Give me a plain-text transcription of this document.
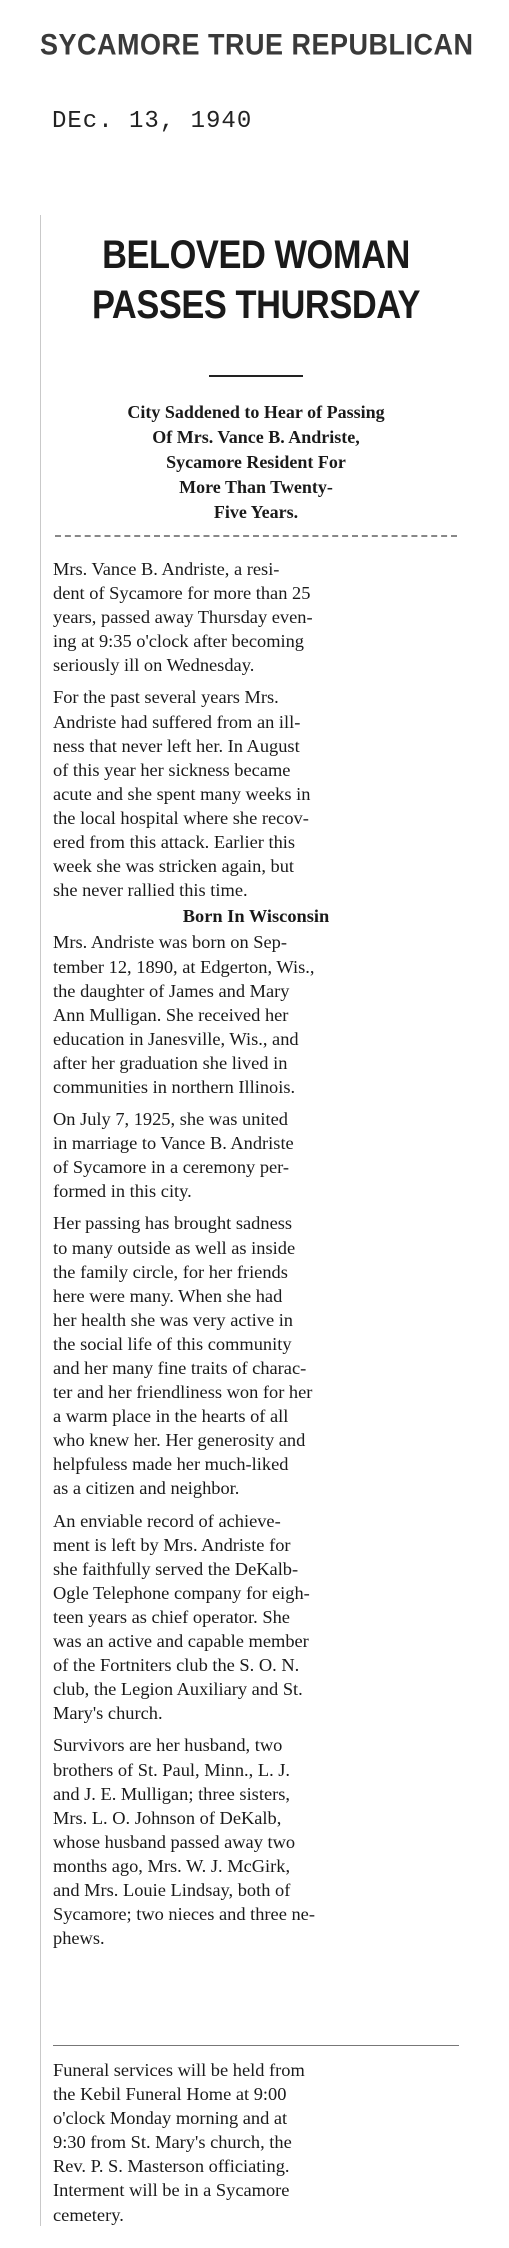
SYCAMORE TRUE REPUBLICAN
DEc. 13, 1940
BELOVED WOMAN
PASSES THURSDAY
City Saddened to Hear of Passing
Of Mrs. Vance B. Andriste,
Sycamore Resident For
More Than Twenty-
Five Years.
Mrs. Vance B. Andriste, a resi-
dent of Sycamore for more than 25
years, passed away Thursday even-
ing at 9:35 o'clock after becoming
seriously ill on Wednesday.
For the past several years Mrs.
Andriste had suffered from an ill-
ness that never left her. In August
of this year her sickness became
acute and she spent many weeks in
the local hospital where she recov-
ered from this attack. Earlier this
week she was stricken again, but
she never rallied this time.
Born In Wisconsin
Mrs. Andriste was born on Sep-
tember 12, 1890, at Edgerton, Wis.,
the daughter of James and Mary
Ann Mulligan. She received her
education in Janesville, Wis., and
after her graduation she lived in
communities in northern Illinois.
On July 7, 1925, she was united
in marriage to Vance B. Andriste
of Sycamore in a ceremony per-
formed in this city.
Her passing has brought sadness
to many outside as well as inside
the family circle, for her friends
here were many. When she had
her health she was very active in
the social life of this community
and her many fine traits of charac-
ter and her friendliness won for her
a warm place in the hearts of all
who knew her. Her generosity and
helpfuless made her much-liked
as a citizen and neighbor.
An enviable record of achieve-
ment is left by Mrs. Andriste for
she faithfully served the DeKalb-
Ogle Telephone company for eigh-
teen years as chief operator. She
was an active and capable member
of the Fortniters club the S. O. N.
club, the Legion Auxiliary and St.
Mary's church.
Survivors are her husband, two
brothers of St. Paul, Minn., L. J.
and J. E. Mulligan; three sisters,
Mrs. L. O. Johnson of DeKalb,
whose husband passed away two
months ago, Mrs. W. J. McGirk,
and Mrs. Louie Lindsay, both of
Sycamore; two nieces and three ne-
phews.
Funeral services will be held from
the Kebil Funeral Home at 9:00
o'clock Monday morning and at
9:30 from St. Mary's church, the
Rev. P. S. Masterson officiating.
Interment will be in a Sycamore
cemetery.
